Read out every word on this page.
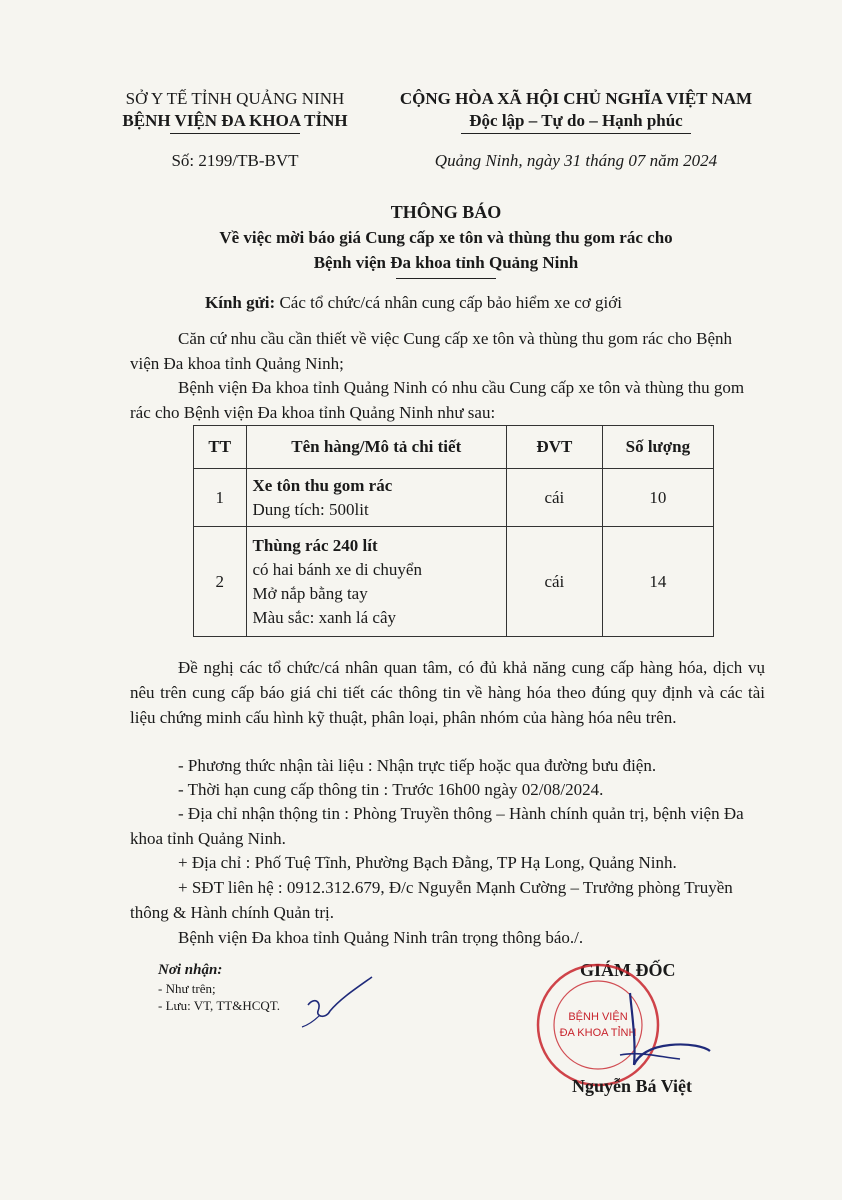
SỞ Y TẾ TỈNH QUẢNG NINH
BỆNH VIỆN ĐA KHOA TỈNH
Số: 2199/TB-BVT
CỘNG HÒA XÃ HỘI CHỦ NGHĨA VIỆT NAM
Độc lập – Tự do – Hạnh phúc
Quảng Ninh, ngày 31 tháng 07 năm 2024
THÔNG BÁO
Về việc mời báo giá Cung cấp xe tôn và thùng thu gom rác cho
Bệnh viện Đa khoa tỉnh Quảng Ninh
Kính gửi: Các tổ chức/cá nhân cung cấp bảo hiểm xe cơ giới
Căn cứ nhu cầu cần thiết về việc Cung cấp xe tôn và thùng thu gom rác cho Bệnh viện Đa khoa tỉnh Quảng Ninh;
Bệnh viện Đa khoa tỉnh Quảng Ninh có nhu cầu Cung cấp xe tôn và thùng thu gom rác cho Bệnh viện Đa khoa tỉnh Quảng Ninh như sau:
TT	Tên hàng/Mô tả chi tiết	ĐVT	Số lượng
1	Xe tôn thu gom rác
Dung tích: 500lit	cái	10
2	Thùng rác 240 lít
có hai bánh xe di chuyển
Mở nắp bằng tay
Màu sắc: xanh lá cây	cái	14
Đề nghị các tổ chức/cá nhân quan tâm, có đủ khả năng cung cấp hàng hóa, dịch vụ nêu trên cung cấp báo giá chi tiết các thông tin về hàng hóa theo đúng quy định và các tài liệu chứng minh cấu hình kỹ thuật, phân loại, phân nhóm của hàng hóa nêu trên.
- Phương thức nhận tài liệu : Nhận trực tiếp hoặc qua đường bưu điện.
- Thời hạn cung cấp thông tin : Trước 16h00 ngày 02/08/2024.
- Địa chỉ nhận thộng tin : Phòng Truyền thông – Hành chính quản trị, bệnh viện Đa khoa tỉnh Quảng Ninh.
+ Địa chỉ : Phố Tuệ Tĩnh, Phường Bạch Đằng, TP Hạ Long, Quảng Ninh.
+ SĐT liên hệ : 0912.312.679, Đ/c Nguyễn Mạnh Cường – Trưởng phòng Truyền thông & Hành chính Quản trị.
Bệnh viện Đa khoa tỉnh Quảng Ninh trân trọng thông báo./.
Nơi nhận:
- Như trên;
- Lưu: VT, TT&HCQT.
GIÁM ĐỐC
BỆNH VIỆN
ĐA KHOA TỈNH
Nguyễn Bá Việt
